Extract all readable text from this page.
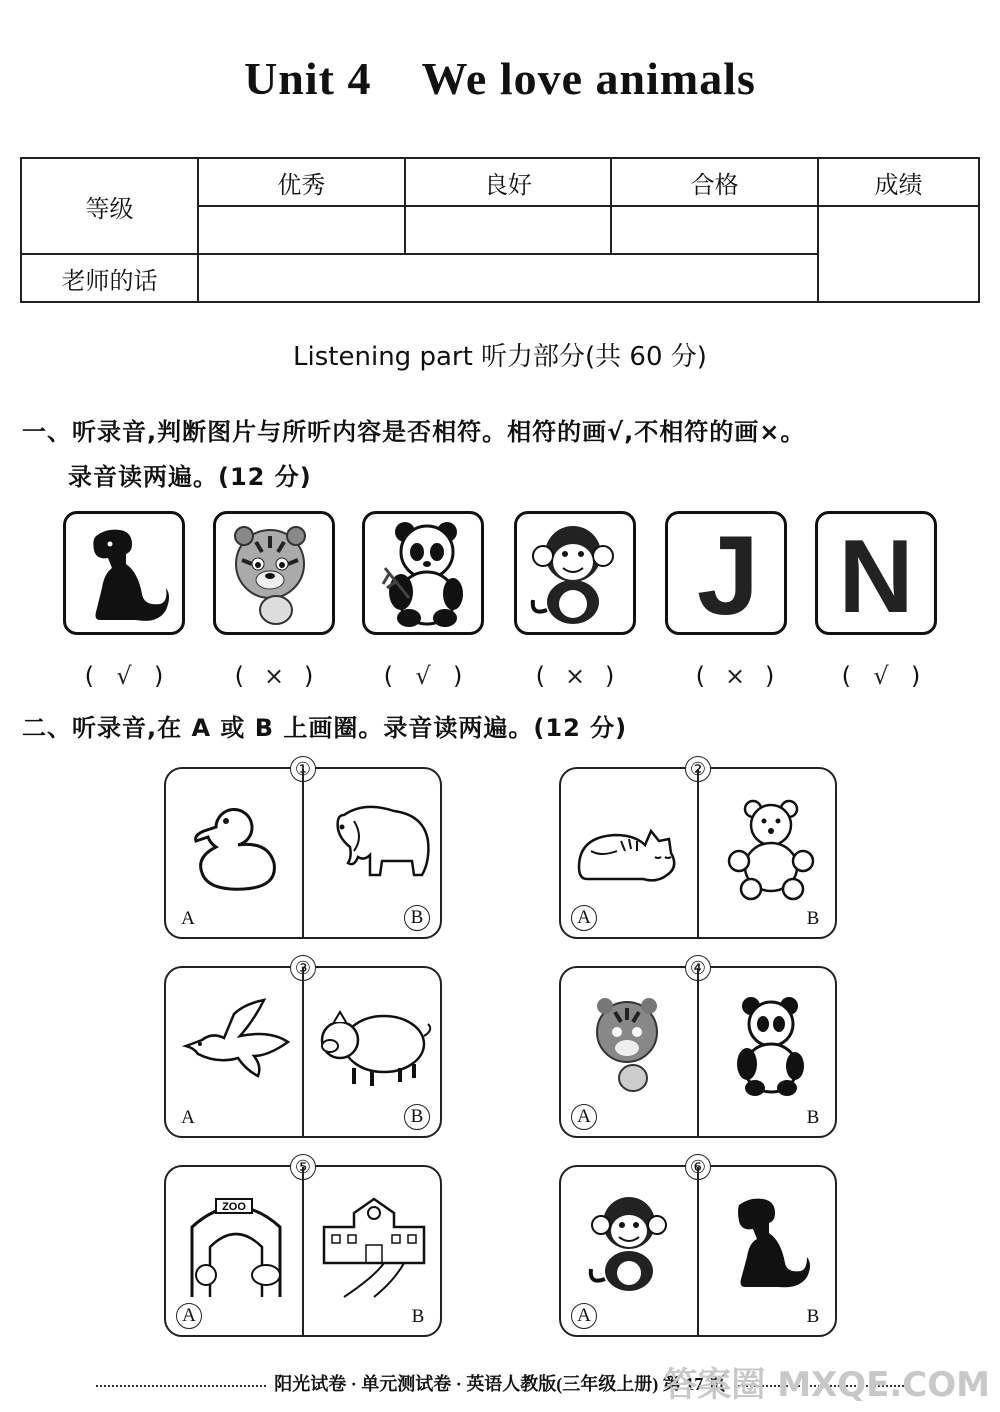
Unit 4 We love animals
等级	优秀	良好	合格	成绩

老师的话				
Listening part 听力部分(共 60 分)
一、听录音,判断图片与所听内容是否相符。相符的画√,不相符的画×。
录音读两遍。(12 分)
J N
( √ )	( × )	( √ )	( × )	( × )	( √ )
二、听录音,在 A 或 B 上画圈。录音读两遍。(12 分)
①
A	B
②
A	B
③
A	B
④
A	B
⑤
ZOO
A	B
⑥
A	B
阳光试卷 · 单元测试卷 · 英语人教版(三年级上册) 第 17 页
答案圈 MXQE.COM
